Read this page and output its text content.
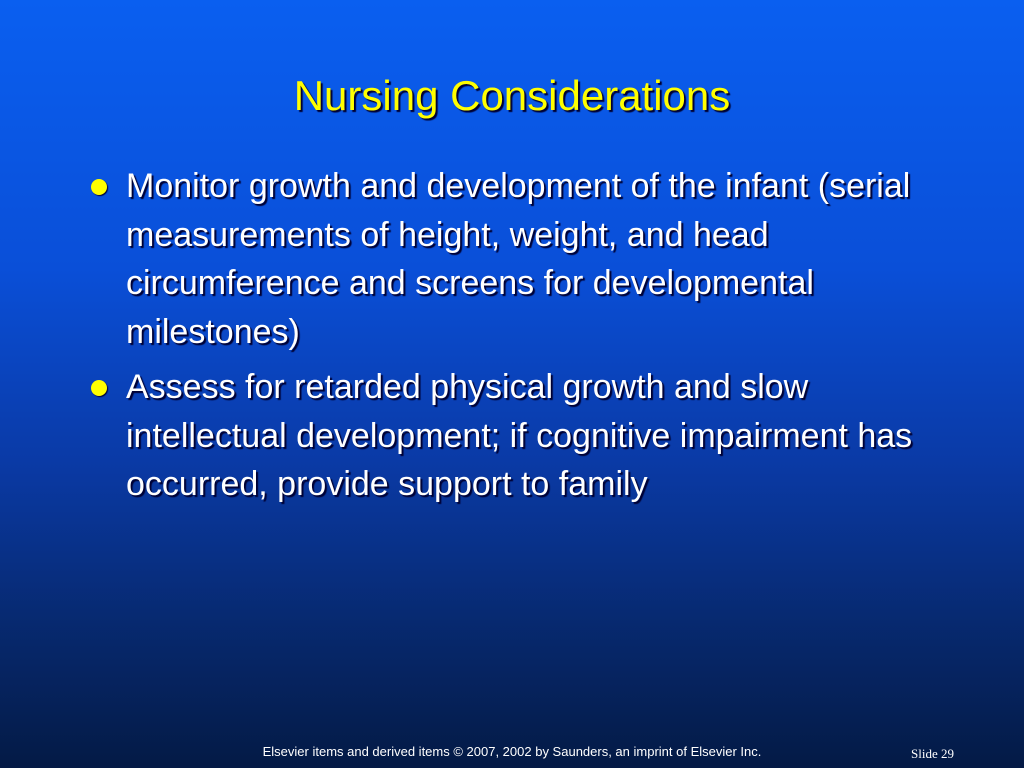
Nursing Considerations
Monitor growth and development of the infant (serial measurements of height, weight, and head circumference and screens for developmental milestones)
Assess for retarded physical growth and slow intellectual development; if cognitive impairment has occurred, provide support to family
Elsevier items and derived items © 2007, 2002 by Saunders, an imprint of Elsevier Inc.	Slide 29
